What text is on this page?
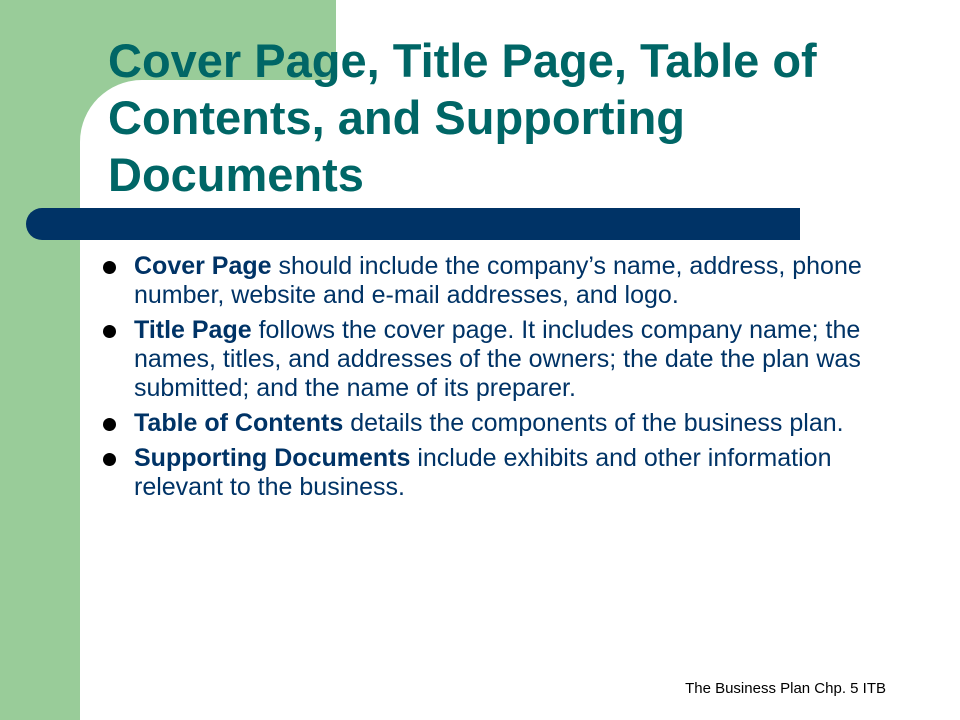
Cover Page, Title Page, Table of Contents, and Supporting Documents
Cover Page should include the company’s name, address, phone number, website and e-mail addresses, and logo.
Title Page follows the cover page. It includes company name; the names, titles, and addresses of the owners; the date the plan was submitted; and the name of its preparer.
Table of Contents details the components of the business plan.
Supporting Documents include exhibits and other information relevant to the business.
The Business Plan Chp. 5 ITB
